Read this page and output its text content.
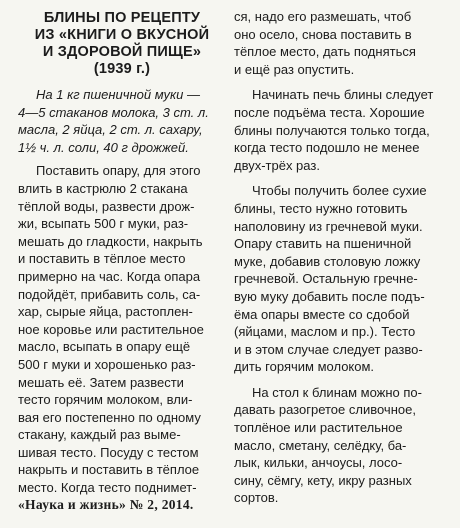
БЛИНЫ ПО РЕЦЕПТУ
ИЗ «КНИГИ О ВКУСНОЙ
И ЗДОРОВОЙ ПИЩЕ»
(1939 г.)
На 1 кг пшеничной муки —
4—5 стаканов молока, 3 ст. л.
масла, 2 яйца, 2 ст. л. сахару,
1½ ч. л. соли, 40 г дрожжей.

Поставить опару, для этого
влить в кастрюлю 2 стакана
тёплой воды, развести дрож-
жи, всыпать 500 г муки, раз-
мешать до гладкости, накрыть
и поставить в тёплое место
примерно на час. Когда опара
подойдёт, прибавить соль, са-
хар, сырые яйца, растоплен-
ное коровье или растительное
масло, всыпать в опару ещё
500 г муки и хорошенько раз-
мешать её. Затем развести
тесто горячим молоком, вли-
вая его постепенно по одному
стакану, каждый раз выме-
шивая тесто. Посуду с тестом
накрыть и поставить в тёплое
место. Когда тесто поднимет-

ся, надо его размешать, чтоб
оно осело, снова поставить в
тёплое место, дать подняться
и ещё раз опустить.

Начинать печь блины следует
после подъёма теста. Хорошие
блины получаются только тогда,
когда тесто подошло не менее
двух-трёх раз.

Чтобы получить более сухие
блины, тесто нужно готовить
наполовину из гречневой муки.
Опару ставить на пшеничной
муке, добавив столовую ложку
гречневой. Остальную гречне-
вую муку добавить после подъ-
ёма опары вместе со сдобой
(яйцами, маслом и пр.). Тесто
и в этом случае следует разво-
дить горячим молоком.

На стол к блинам можно по-
давать разогретое сливочное,
топлёное или растительное
масло, сметану, селёдку, ба-
лык, кильки, анчоусы, лосо-
сину, сёмгу, кету, икру разных
сортов.

«Наука и жизнь» № 2, 2014.
